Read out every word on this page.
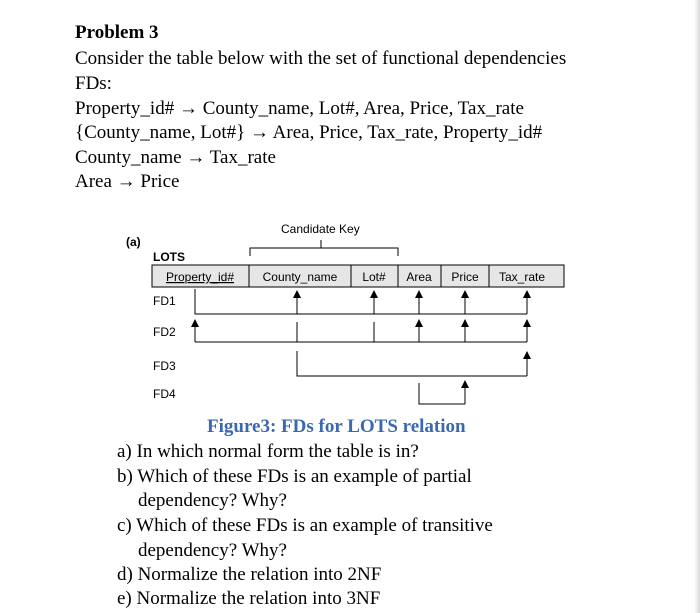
Problem 3
Consider the table below with the set of functional dependencies
FDs:
Property_id# → County_name, Lot#, Area, Price, Tax_rate
{County_name, Lot#} → Area, Price, Tax_rate, Property_id#
County_name → Tax_rate
Area → Price
(a)
LOTS
Candidate Key
Property_id# County_name Lot# Area Price Tax_rate
FD1
FD2
FD3
FD4
Figure3: FDs for LOTS relation
a) In which normal form the table is in?
b) Which of these FDs is an example of partial
dependency? Why?
c) Which of these FDs is an example of transitive
dependency? Why?
d) Normalize the relation into 2NF
e) Normalize the relation into 3NF
